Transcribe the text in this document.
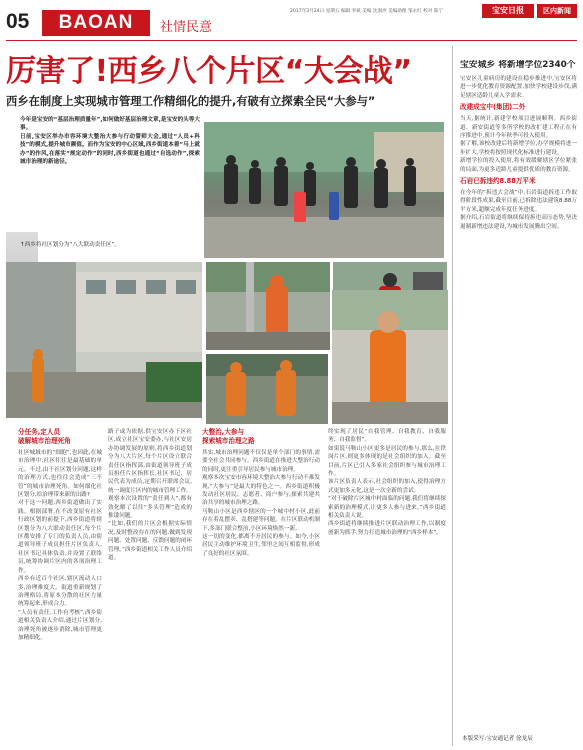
05	BAOAN	社情民意
2017年3月24日 星期五 编辑 李斌 美编 沈润坪 美编助理 邹永红 校对 陈宁	宝安日报	区内新闻
厉害了!西乡八个片区“大会战”
西乡在制度上实现城市管理工作精细化的提升,有破有立探索全民“大参与”

今年是宝安的“基层治理质量年”,如何做好基层治理文章,是宝安的头等大事。

日前,宝安区举办市容环境大整治大参与行动誓师大会,通过“人员+科技”的模式,提升城市颜值。而作为宝安的中心区域,西乡街道本着“马上就办”的作风,在落实“规定动作”的同时,西乡街道也通过“自选动作”,探索城市治理的新途径。

↑西乡将社区划分为“八大联动责任区”。

分任务,定人员

破解城市治理死角

社区城域市的“细胞”,也因此,在城市治理中,社区往往是最基础的单元。不过,由于社区划分问题,这样的治理方式,也往往会造成“三不管”的城市治理死角。如何细化社区划分,给治理带来新的出路?

对于这一问题,西乡街道做出了实践。根据部署,在不改变原有社区行政区划的前提下,西乡街道将辖区划分为八大联动责任区,每个片区都安排了专门的负责人员,由街道领导班子成员担任片区负责人,社区书记具体负责,并设置了联络员,统筹协调片区内的各项治理工作。

西乡有近百个社区,辖区流动人口多,治理难度大。街道重新规划了治理格局,将原本分散的社区力量统筹起来,形成合力。

“人员有责任,工作有考核”,西乡街道相关负责人介绍,通过片区划分,治理死角被逐步消除,城市管理更加精细化。

路子或为依据,供宝安区办下区社区,成立社区宝安委办,与社区安居办协调发展的原则,将西乡街道划分为八大片区,每个片区设立联合责任区指挥部,由街道领导班子成员担任片区指挥长,社区书记、居民代表为成员,定期召开联席会议,统一调度片区内的城市管理工作。

观察本次设置的“责任到人”,都有效化解了以往“多头管理”造成的推诿问题。

“比如,我们的片区会根据实际情况,及时整改存在的问题,做到发现问题、处置问题、反馈问题的闭环管理。”西乡街道相关工作人员介绍道。

大整治,大参与

探索城市治理之路

其实,城市治理问题不仅仅是单个部门的事情,需要全社会共同参与。西乡街道在推进大整治行动的同时,更注重引导居民参与城市治理。

观察本次宝安市容环境大整治大参与行动不难发现,“大参与”是最大的特色之一。西乡街道积极发动社区居民、志愿者、商户参与,探索共建共治共享的城市治理之路。

马鞍山小区是西乡辖区的一个城中村小区,此前存在着乱摆卖、乱搭建等问题。在片区联动机制下,多部门联合整治,小区环境焕然一新。

这一切的变化,都离不开居民的参与。如今,小区居民主动维护环境卫生,邻里之间互相监督,形成了良好的社区氛围。

终实现了居民“自我管理、自我教育、自我服务、自我监督”。

如果说马鞍山小区更多是居民的参与,那么,在铁岗片区,则更多体现的是社会组织的加入。截至目前,片区已引入多家社会组织参与城市治理工作。

该片区负责人表示,社会组织的加入,使得治理方式更加多元化,这是一次全新的尝试。

“对于破除片区城中村面临的问题,我们将继续探索新的治理模式,让更多人参与进来。”西乡街道相关负责人说。

西乡街道将继续推进片区联动治理工作,以制度创新为抓手,努力打造城市治理的“西乡样本”。

宝安城乡 将新增学位2340个

宝安区儿童病房的建设在稳步推进中,宝安区将进一步优化教育资源配置,加快学校建设步伐,满足辖区适龄儿童入学需求。

改建成宝中(集团)二外

当天,据统计,新建学校项目进展顺利。西乡街道、新安街道等多所学校的改扩建工程正在有序推进中,预计今年秋季可投入使用。

据了解,该校改建后将新增学位,办学规模将进一步扩大,学校将按照现代化标准进行建设。

新增学位的投入使用,将有效缓解辖区学位紧张的局面,为更多适龄儿童提供优质的教育资源。

石岩已拆违约8.88万平米

在今年的“拆违大会战”中,石岩街道拆违工作取得阶段性成果,截至目前,已拆除违法建筑8.88万平方米,超额完成年度任务进度。

据介绍,石岩街道将继续保持拆违高压态势,坚决遏制新增违法建设,为城市发展腾出空间。

本版采写:宝安通记者 徐龙辰
